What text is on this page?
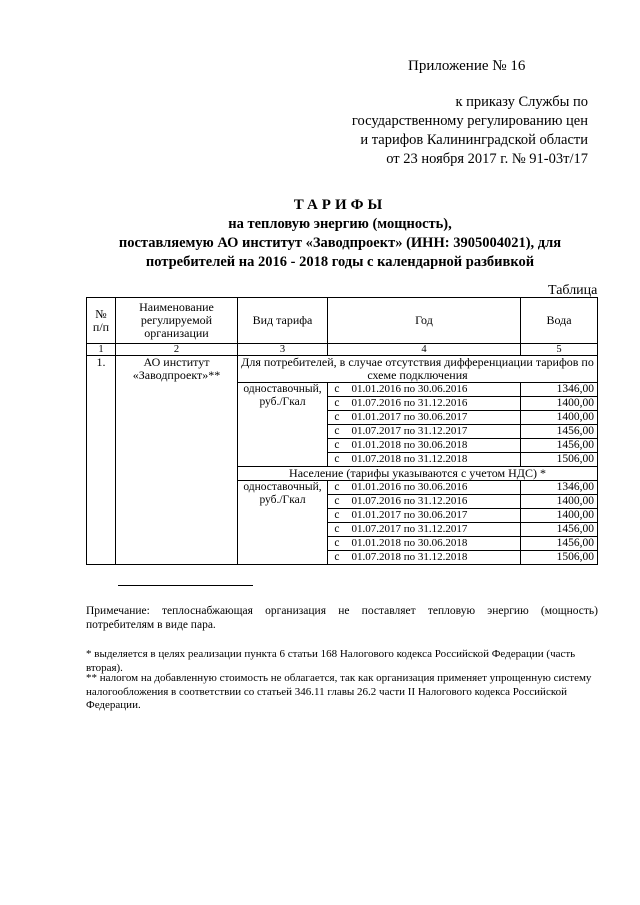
Приложение № 16
к приказу Службы по
государственному регулированию цен
и тарифов Калининградской области
от 23 ноября 2017 г. № 91-03т/17
ТАРИФЫ
на тепловую энергию (мощность),
поставляемую АО институт «Заводпроект» (ИНН: 3905004021), для
потребителей на 2016 - 2018 годы с календарной разбивкой
Таблица
№ п/п	Наименование регулируемой организации	Вид тарифа	Год		Вода
1	2	3	4		5
1.	АО институт «Заводпроект»**	Для потребителей, в случае отсутствия дифференциации тарифов по схеме подключения			
		одноставочный, руб./Гкал	с	01.01.2016 по 30.06.2016	1346,00
			с	01.07.2016 по 31.12.2016	1400,00
			с	01.01.2017 по 30.06.2017	1400,00
			с	01.07.2017 по 31.12.2017	1456,00
			с	01.01.2018 по 30.06.2018	1456,00
			с	01.07.2018 по 31.12.2018	1506,00
		Население (тарифы указываются с учетом НДС) *			
		одноставочный, руб./Гкал	с	01.01.2016 по 30.06.2016	1346,00
			с	01.07.2016 по 31.12.2016	1400,00
			с	01.01.2017 по 30.06.2017	1400,00
			с	01.07.2017 по 31.12.2017	1456,00
			с	01.01.2018 по 30.06.2018	1456,00
			с	01.07.2018 по 31.12.2018	1506,00
Примечание: теплоснабжающая организация не поставляет тепловую энергию (мощность) потребителям в виде пара.
* выделяется в целях реализации пункта 6 статьи 168 Налогового кодекса Российской Федерации (часть вторая).
** налогом на добавленную стоимость не облагается, так как организация применяет упрощенную систему налогообложения в соответствии со статьей 346.11 главы 26.2 части II Налогового кодекса Российской Федерации.
